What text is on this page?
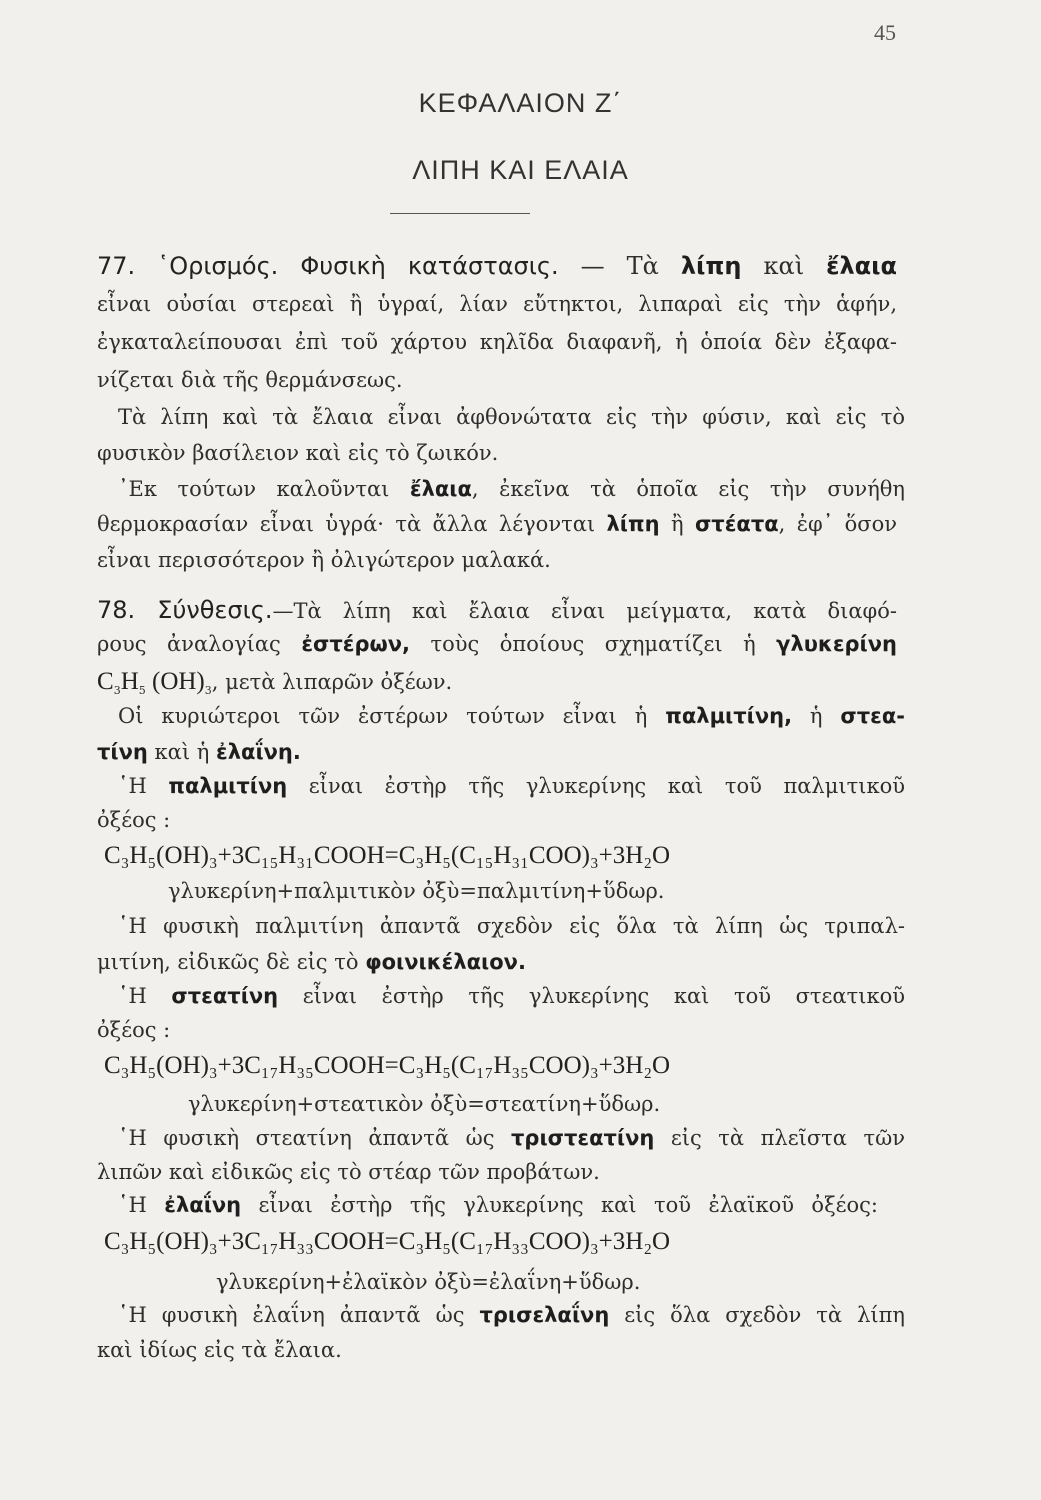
45
ΚΕΦΑΛΑΙΟΝ Ζ΄
ΛΙΠΗ ΚΑΙ ΕΛΑΙΑ
77. ῾Ορισμός. Φυσικὴ κατάστασις. — Τὰ λίπη καὶ ἔλαια
εἶναι οὐσίαι στερεαὶ ἢ ὑγραί, λίαν εὔτηκτοι, λιπαραὶ εἰς τὴν ἁφήν,
ἐγκαταλείπουσαι ἐπὶ τοῦ χάρτου κηλῖδα διαφανῆ, ἡ ὁποία δὲν ἐξαφα-
νίζεται διὰ τῆς θερμάνσεως.
Τὰ λίπη καὶ τὰ ἔλαια εἶναι ἀφθονώτατα εἰς τὴν φύσιν, καὶ εἰς τὸ
φυσικὸν βασίλειον καὶ εἰς τὸ ζωικόν.
᾿Εκ τούτων καλοῦνται ἔλαια, ἐκεῖνα τὰ ὁποῖα εἰς τὴν συνήθη
θερμοκρασίαν εἶναι ὑγρά· τὰ ἄλλα λέγονται λίπη ἢ στέατα, ἐφ᾿ ὅσον
εἶναι περισσότερον ἢ ὀλιγώτερον μαλακά.
78. Σύνθεσις.—Τὰ λίπη καὶ ἔλαια εἶναι μείγματα, κατὰ διαφό-
ρους ἀναλογίας ἐστέρων, τοὺς ὁποίους σχηματίζει ἡ γλυκερίνη
$C_3H_5$ $(OH)_3$, μετὰ λιπαρῶν ὀξέων.
Οἱ κυριώτεροι τῶν ἐστέρων τούτων εἶναι ἡ παλμιτίνη, ἡ στεα-
τίνη καὶ ἡ ἐλαΐνη.
῾Η παλμιτίνη εἶναι ἐστὴρ τῆς γλυκερίνης καὶ τοῦ παλμιτικοῦ
ὀξέος :
C₃H₅(OH)₃+3C₁₅H₃₁COOH=C₃H₅(C₁₅H₃₁COO)₃+3H₂O
γλυκερίνη+παλμιτικὸν ὀξὺ=παλμιτίνη+ὕδωρ.
῾Η φυσικὴ παλμιτίνη ἀπαντᾶ σχεδὸν εἰς ὅλα τὰ λίπη ὡς τριπαλ-
μιτίνη, εἰδικῶς δὲ εἰς τὸ φοινικέλαιον.
῾Η στεατίνη εἶναι ἐστὴρ τῆς γλυκερίνης καὶ τοῦ στεατικοῦ
ὀξέος :
C₃H₅(OH)₃+3C₁₇H₃₅COOH=C₃H₅(C₁₇H₃₅COO)₃+3H₂O
γλυκερίνη+στεατικὸν ὀξὺ=στεατίνη+ὕδωρ.
῾Η φυσικὴ στεατίνη ἀπαντᾶ ὡς τριστεατίνη εἰς τὰ πλεῖστα τῶν
λιπῶν καὶ εἰδικῶς εἰς τὸ στέαρ τῶν προβάτων.
῾Η ἐλαΐνη εἶναι ἐστὴρ τῆς γλυκερίνης καὶ τοῦ ἐλαϊκοῦ ὀξέος:
C₃H₅(OH)₃+3C₁₇H₃₃COOH=C₃H₅(C₁₇H₃₃COO)₃+3H₂O
γλυκερίνη+ἐλαϊκὸν ὀξὺ=ἐλαΐνη+ὕδωρ.
῾Η φυσικὴ ἐλαΐνη ἀπαντᾶ ὡς τρισελαΐνη εἰς ὅλα σχεδὸν τὰ λίπη
καὶ ἰδίως εἰς τὰ ἔλαια.
